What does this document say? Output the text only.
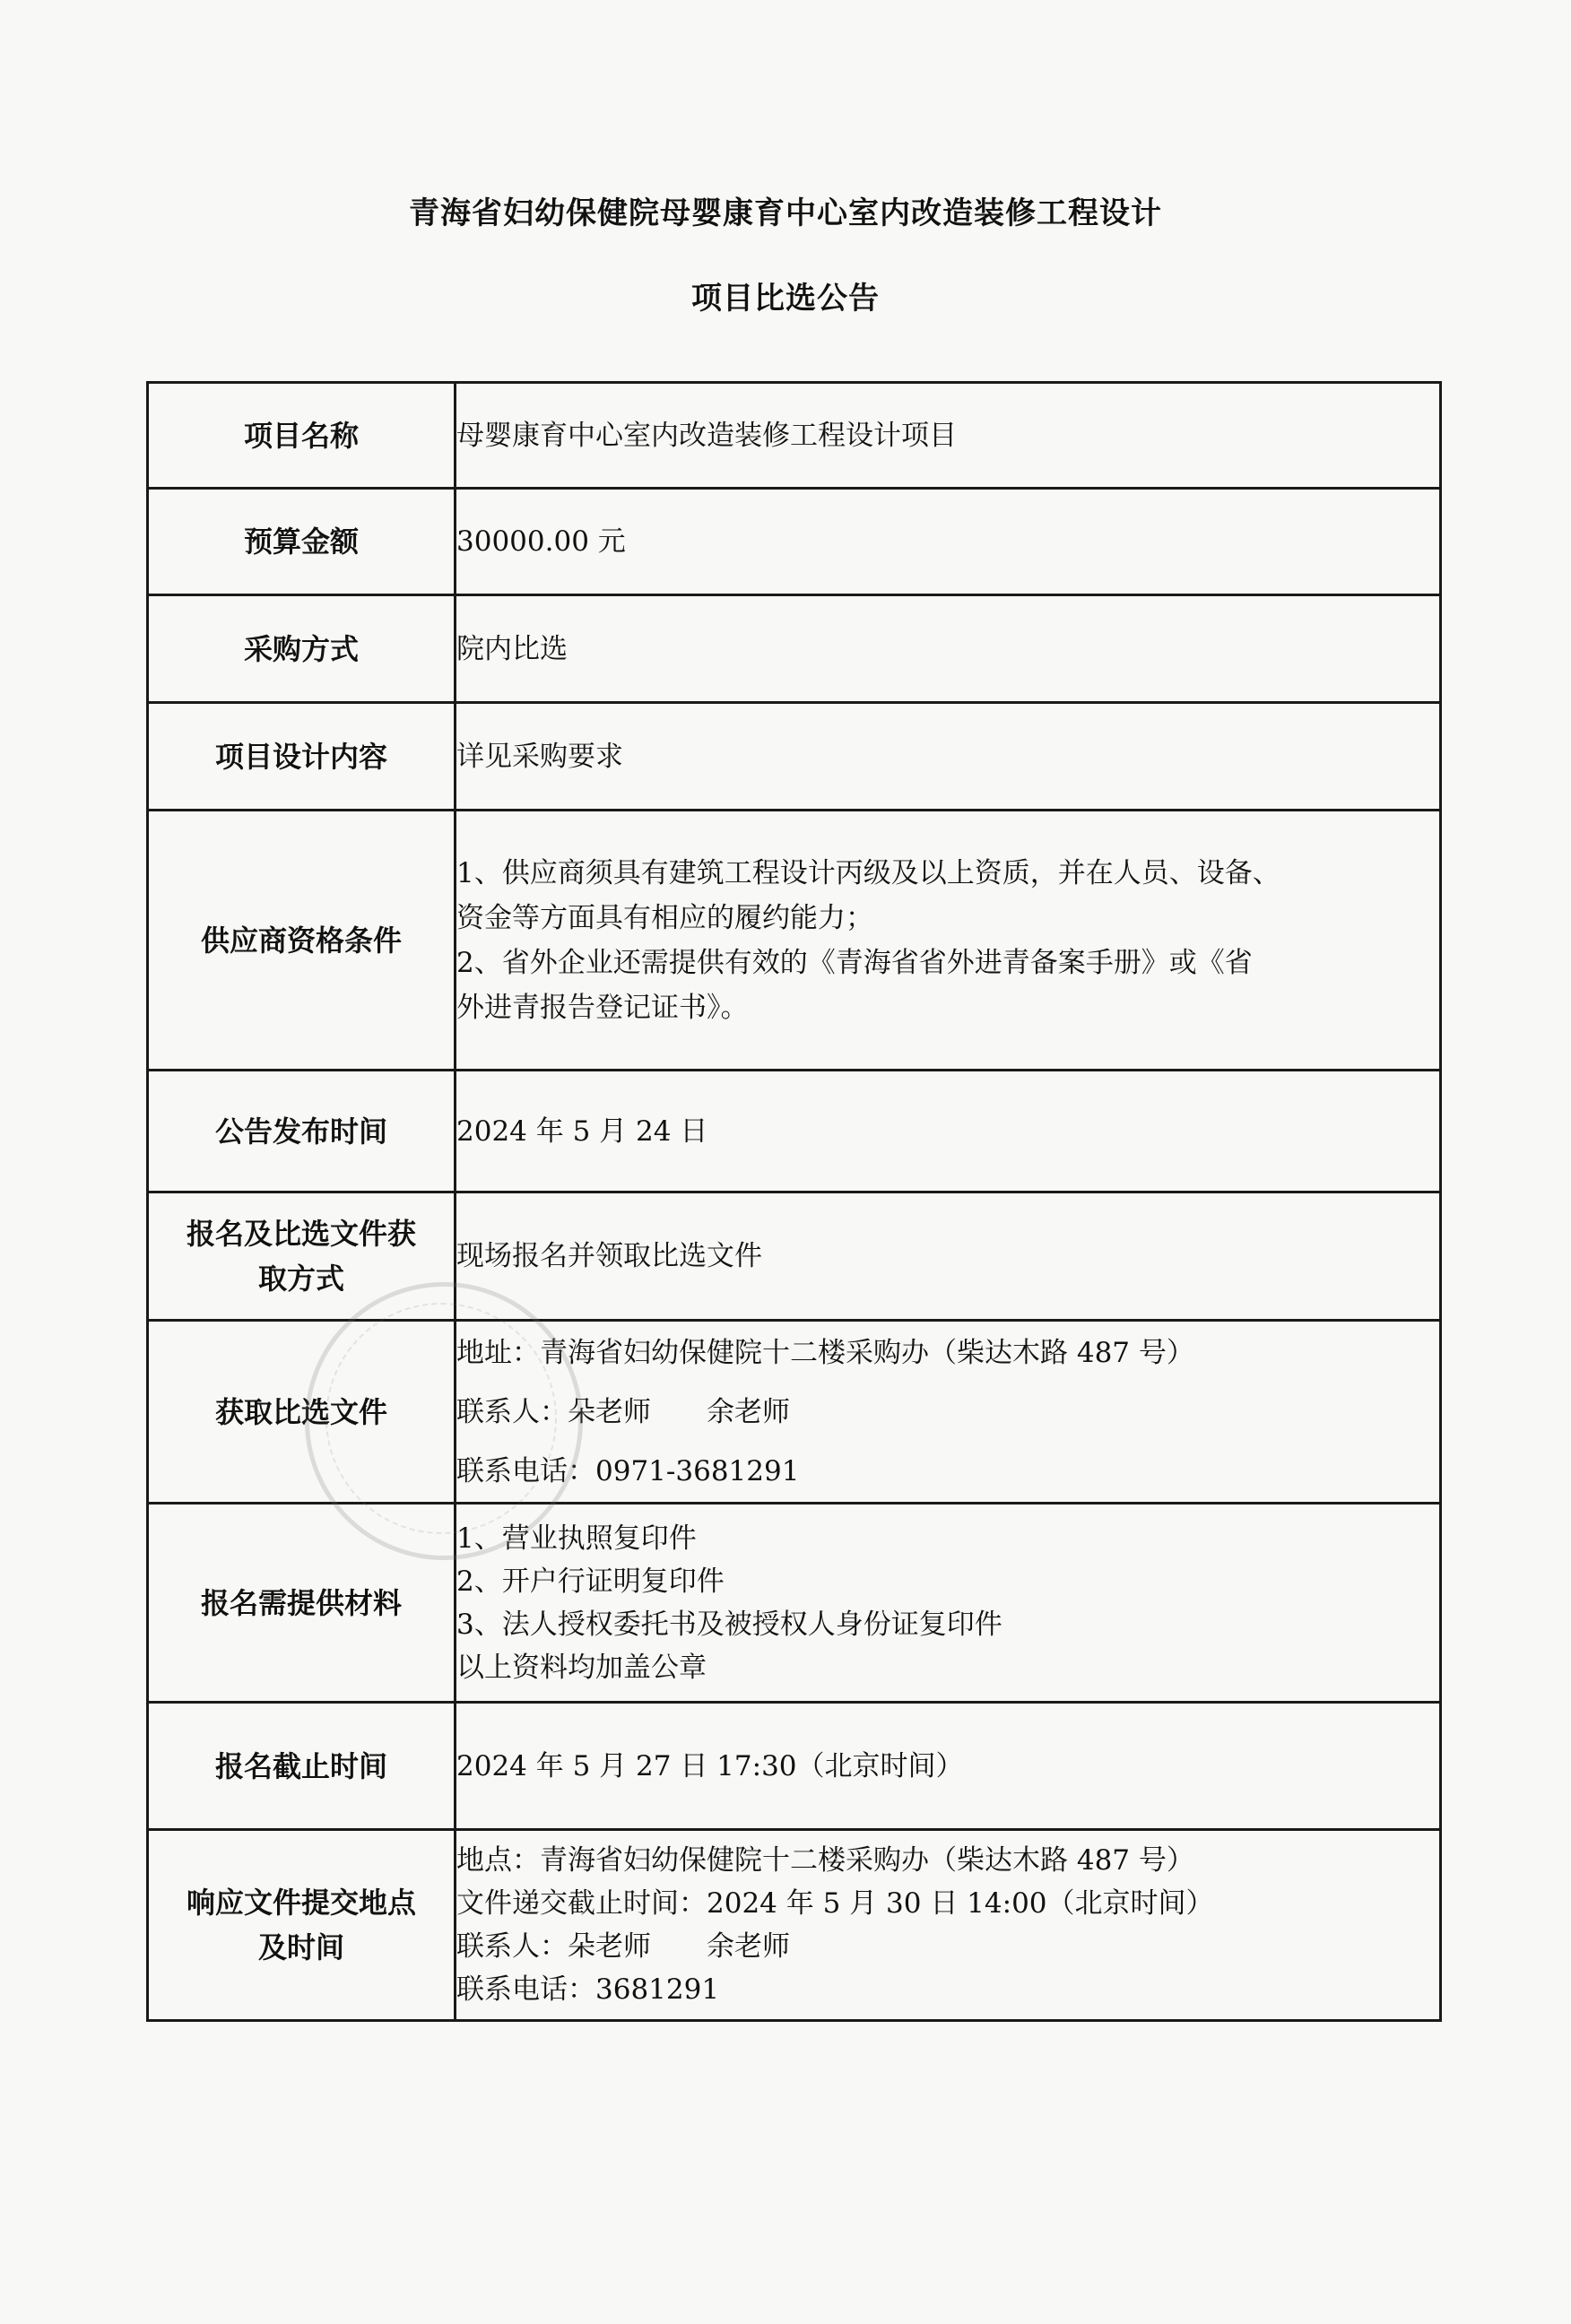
青海省妇幼保健院母婴康育中心室内改造装修工程设计
项目比选公告
项目名称	母婴康育中心室内改造装修工程设计项目

预算金额	30000.00 元

采购方式	院内比选

项目设计内容	详见采购要求

供应商资格条件	1、供应商须具有建筑工程设计丙级及以上资质，并在人员、设备、
资金等方面具有相应的履约能力；
2、省外企业还需提供有效的《青海省省外进青备案手册》或《省
外进青报告登记证书》。

公告发布时间	2024 年 5 月 24 日

报名及比选文件获
取方式	现场报名并领取比选文件

获取比选文件	地址：青海省妇幼保健院十二楼采购办（柴达木路 487 号）
联系人：朵老师　　余老师
联系电话：0971-3681291

报名需提供材料	1、营业执照复印件
2、开户行证明复印件
3、法人授权委托书及被授权人身份证复印件
以上资料均加盖公章

报名截止时间	2024 年 5 月 27 日 17:30（北京时间）

响应文件提交地点
及时间	地点：青海省妇幼保健院十二楼采购办（柴达木路 487 号）
文件递交截止时间：2024 年 5 月 30 日 14:00（北京时间）
联系人：朵老师　　余老师
联系电话：3681291
